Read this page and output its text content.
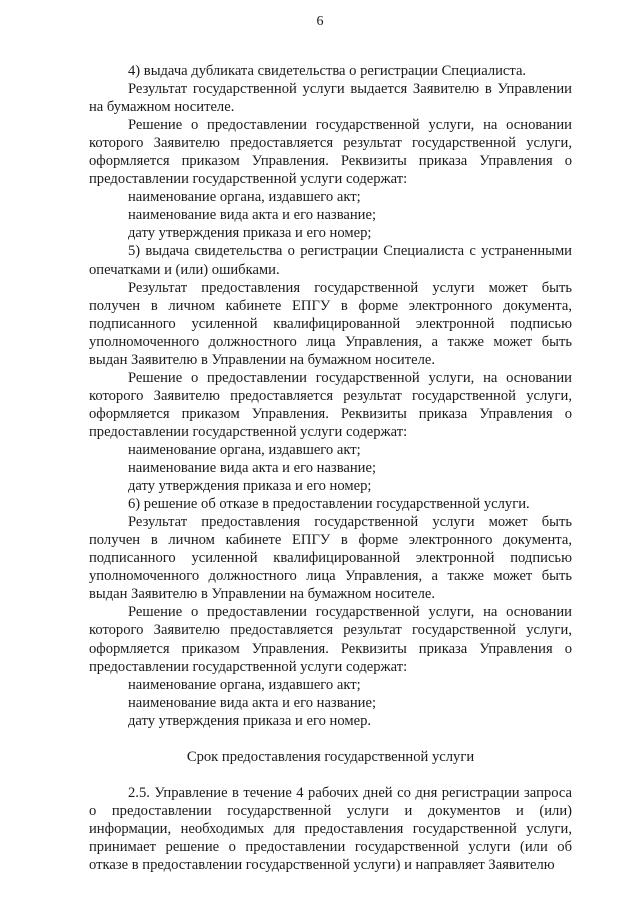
6

4) выдача дубликата свидетельства о регистрации Специалиста.

Результат государственной услуги выдается Заявителю в Управлении на бумажном носителе.

Решение о предоставлении государственной услуги, на основании которого Заявителю предоставляется результат государственной услуги, оформляется приказом Управления. Реквизиты приказа Управления о предоставлении государственной услуги содержат:

наименование органа, издавшего акт;

наименование вида акта и его название;

дату утверждения приказа и его номер;

5) выдача свидетельства о регистрации Специалиста с устраненными опечатками и (или) ошибками.

Результат предоставления государственной услуги может быть получен в личном кабинете ЕПГУ в форме электронного документа, подписанного усиленной квалифицированной электронной подписью уполномоченного должностного лица Управления, а также может быть выдан Заявителю в Управлении на бумажном носителе.

Решение о предоставлении государственной услуги, на основании которого Заявителю предоставляется результат государственной услуги, оформляется приказом Управления. Реквизиты приказа Управления о предоставлении государственной услуги содержат:

наименование органа, издавшего акт;

наименование вида акта и его название;

дату утверждения приказа и его номер;

6) решение об отказе в предоставлении государственной услуги.

Результат предоставления государственной услуги может быть получен в личном кабинете ЕПГУ в форме электронного документа, подписанного усиленной квалифицированной электронной подписью уполномоченного должностного лица Управления, а также может быть выдан Заявителю в Управлении на бумажном носителе.

Решение о предоставлении государственной услуги, на основании которого Заявителю предоставляется результат государственной услуги, оформляется приказом Управления. Реквизиты приказа Управления о предоставлении государственной услуги содержат:

наименование органа, издавшего акт;

наименование вида акта и его название;

дату утверждения приказа и его номер.

Срок предоставления государственной услуги

2.5. Управление в течение 4 рабочих дней со дня регистрации запроса о предоставлении государственной услуги и документов и (или) информации, необходимых для предоставления государственной услуги, принимает решение о предоставлении государственной услуги (или об отказе в предоставлении государственной услуги) и направляет Заявителю
